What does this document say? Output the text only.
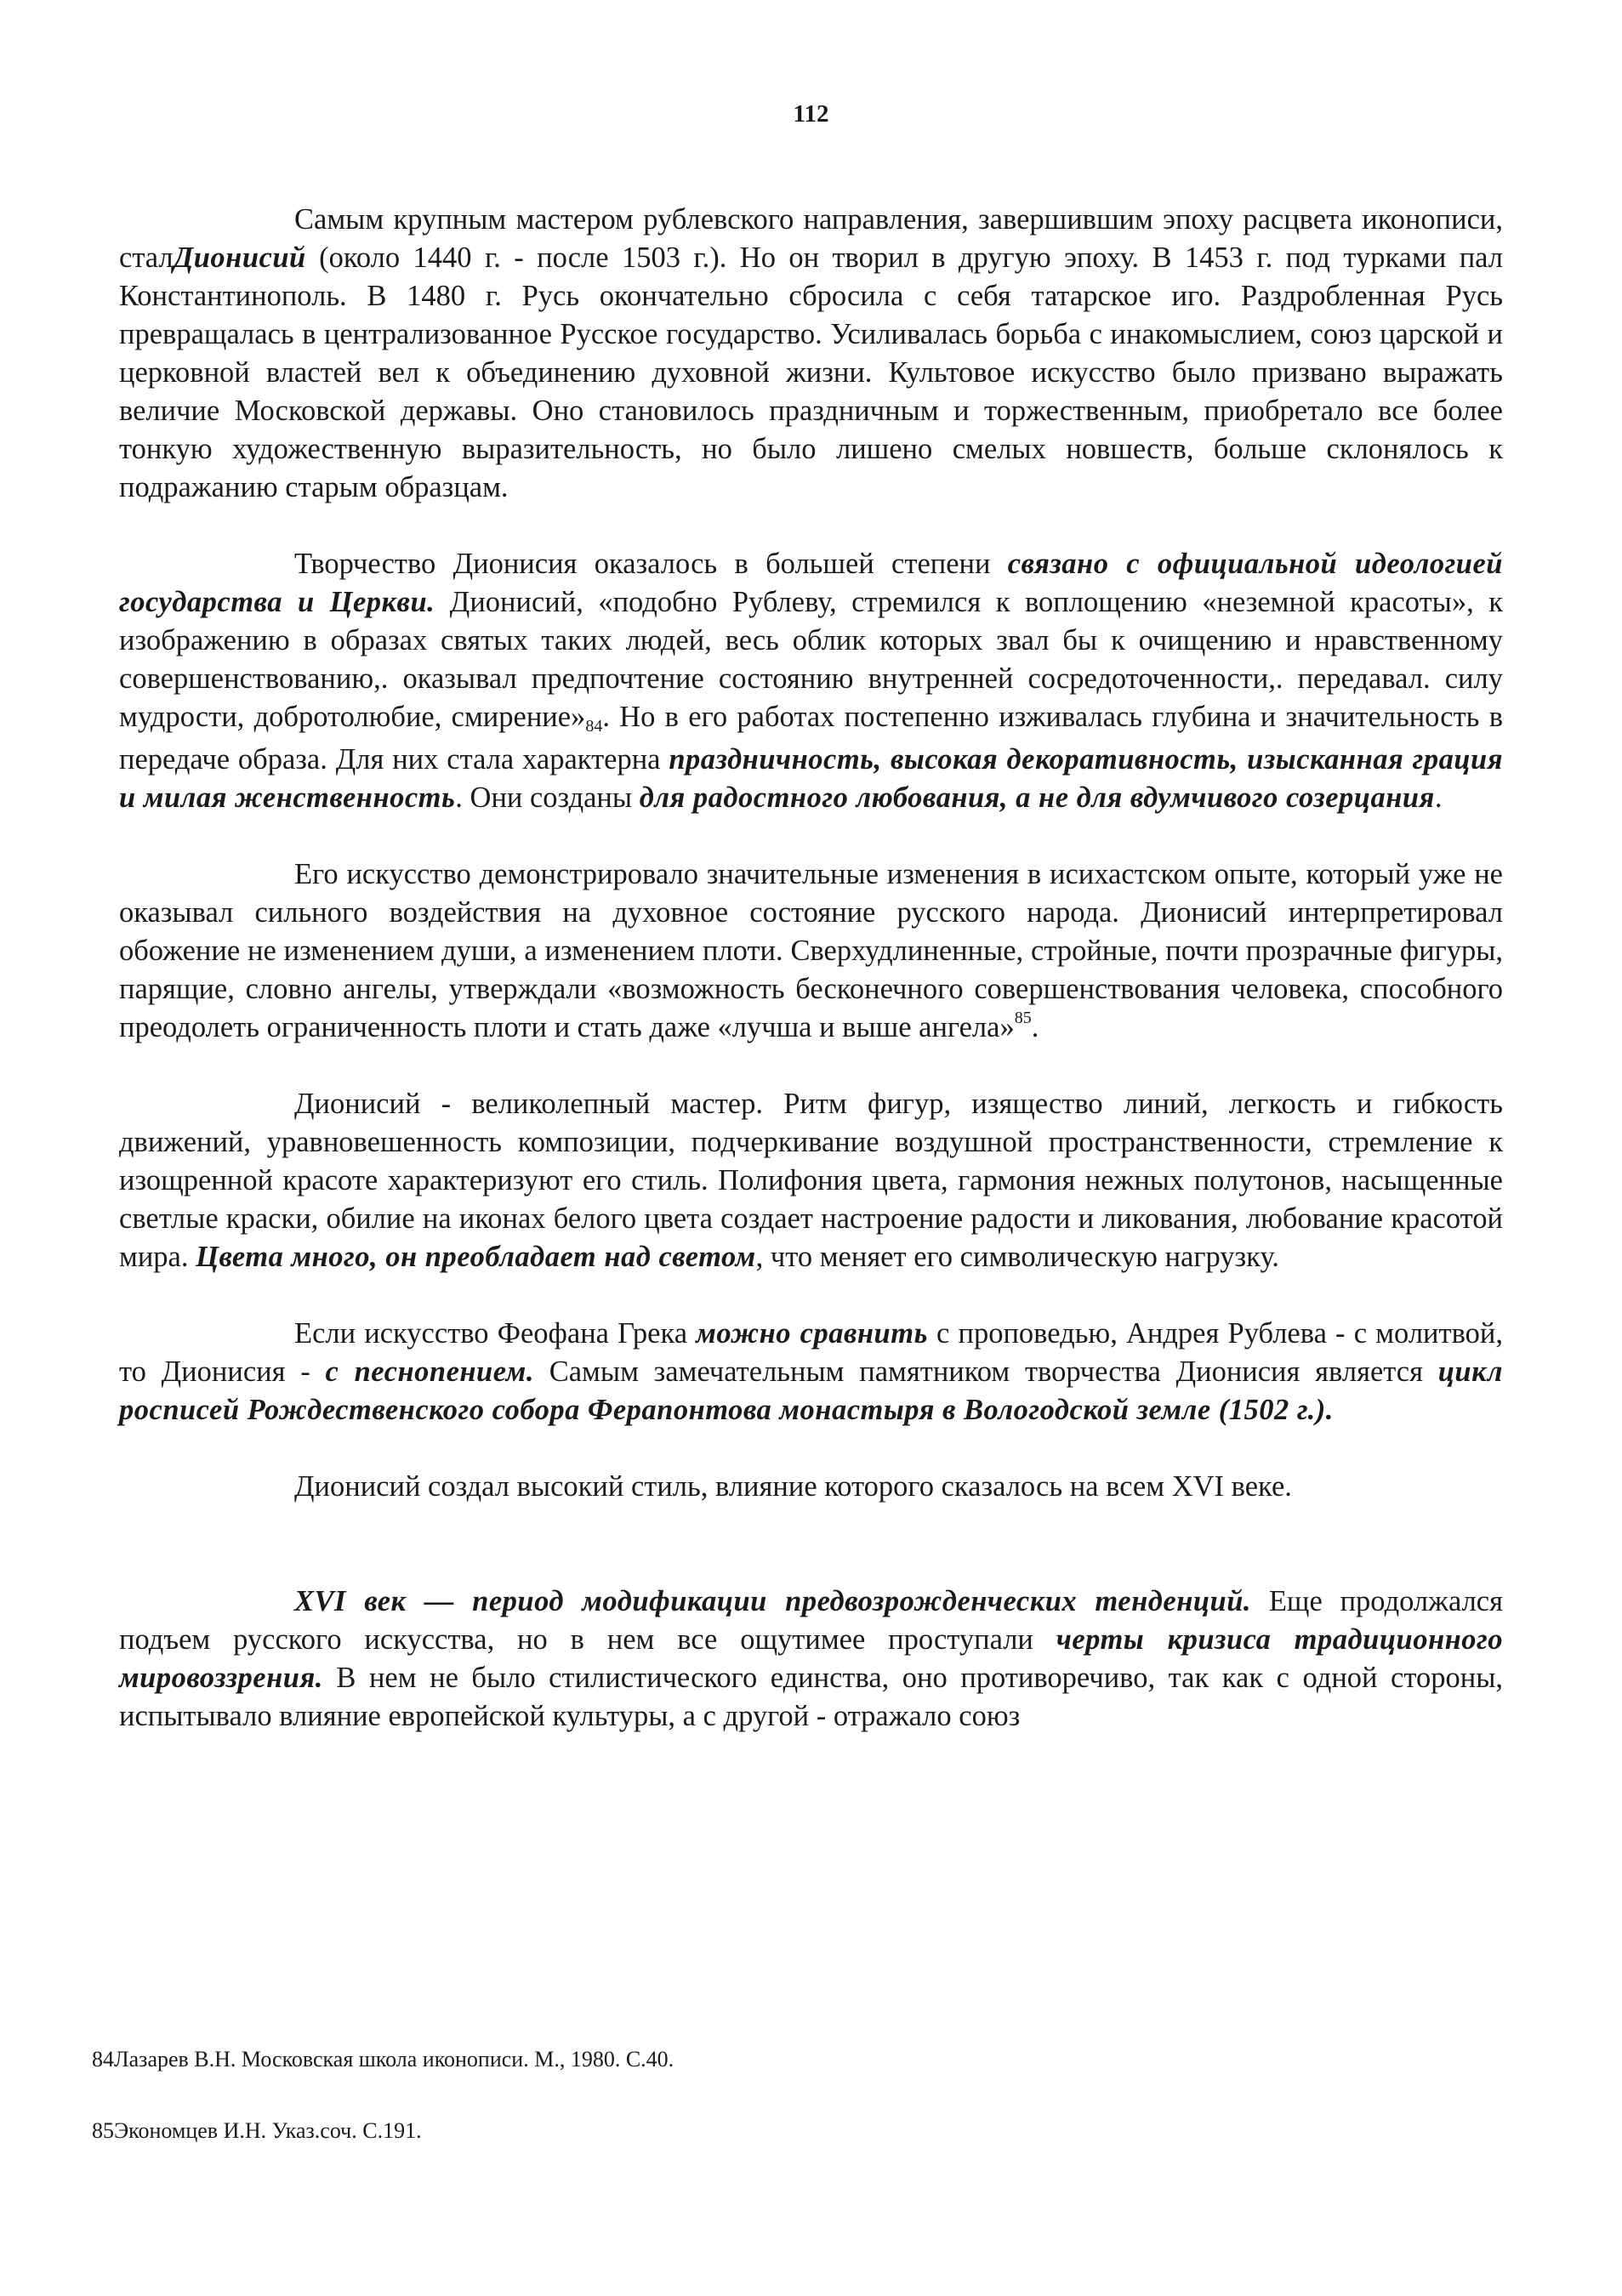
112

Самым крупным мастером рублевского направления, завершившим эпоху расцвета иконописи, сталДионисий (около 1440 г. - после 1503 г.). Но он творил в другую эпоху. В 1453 г. под турками пал Константинополь. В 1480 г. Русь окончательно сбросила с себя татарское иго. Раздробленная Русь превращалась в централизованное Русское государство. Усиливалась борьба с инакомыслием, союз царской и церковной властей вел к объединению духовной жизни. Культовое искусство было призвано выражать величие Московской державы. Оно становилось праздничным и торжественным, приобретало все более тонкую художественную выразительность, но было лишено смелых новшеств, больше склонялось к подражанию старым образцам.

Творчество Дионисия оказалось в большей степени связано с официальной идеологией государства и Церкви. Дионисий, «подобно Рублеву, стремился к воплощению «неземной красоты», к изображению в образах святых таких людей, весь облик которых звал бы к очищению и нравственному совершенствованию,. оказывал предпочтение состоянию внутренней сосредоточенности,. передавал. силу мудрости, добротолюбие, смирение»84. Но в его работах постепенно изживалась глубина и значительность в передаче образа. Для них стала характерна праздничность, высокая декоративность, изысканная грация и милая женственность. Они созданы для радостного любования, а не для вдумчивого созерцания.

Его искусство демонстрировало значительные изменения в исихастском опыте, который уже не оказывал сильного воздействия на духовное состояние русского народа. Дионисий интерпретировал обожение не изменением души, а изменением плоти. Сверхудлиненные, стройные, почти прозрачные фигуры, парящие, словно ангелы, утверждали «возможность бесконечного совершенствования человека, способного преодолеть ограниченность плоти и стать даже «лучша и выше ангела»$^{85}$.

Дионисий - великолепный мастер. Ритм фигур, изящество линий, легкость и гибкость движений, уравновешенность композиции, подчеркивание воздушной пространственности, стремление к изощренной красоте характеризуют его стиль. Полифония цвета, гармония нежных полутонов, насыщенные светлые краски, обилие на иконах белого цвета создает настроение радости и ликования, любование красотой мира. Цвета много, он преобладает над светом, что меняет его символическую нагрузку.

Если искусство Феофана Грека можно сравнить с проповедью, Андрея Рублева - с молитвой, то Дионисия - с песнопением. Самым замечательным памятником творчества Дионисия является цикл росписей Рождественского собора Ферапонтова монастыря в Вологодской земле (1502 г.).

Дионисий создал высокий стиль, влияние которого сказалось на всем XVI веке.

XVI век — период модификации предвозрожденческих тенденций. Еще продолжался подъем русского искусства, но в нем все ощутимее проступали черты кризиса традиционного мировоззрения. В нем не было стилистического единства, оно противоречиво, так как с одной стороны, испытывало влияние европейской культуры, а с другой - отражало союз

84Лазарев В.Н. Московская школа иконописи. М., 1980. С.40.
85Экономцев И.Н. Указ.соч. С.191.
